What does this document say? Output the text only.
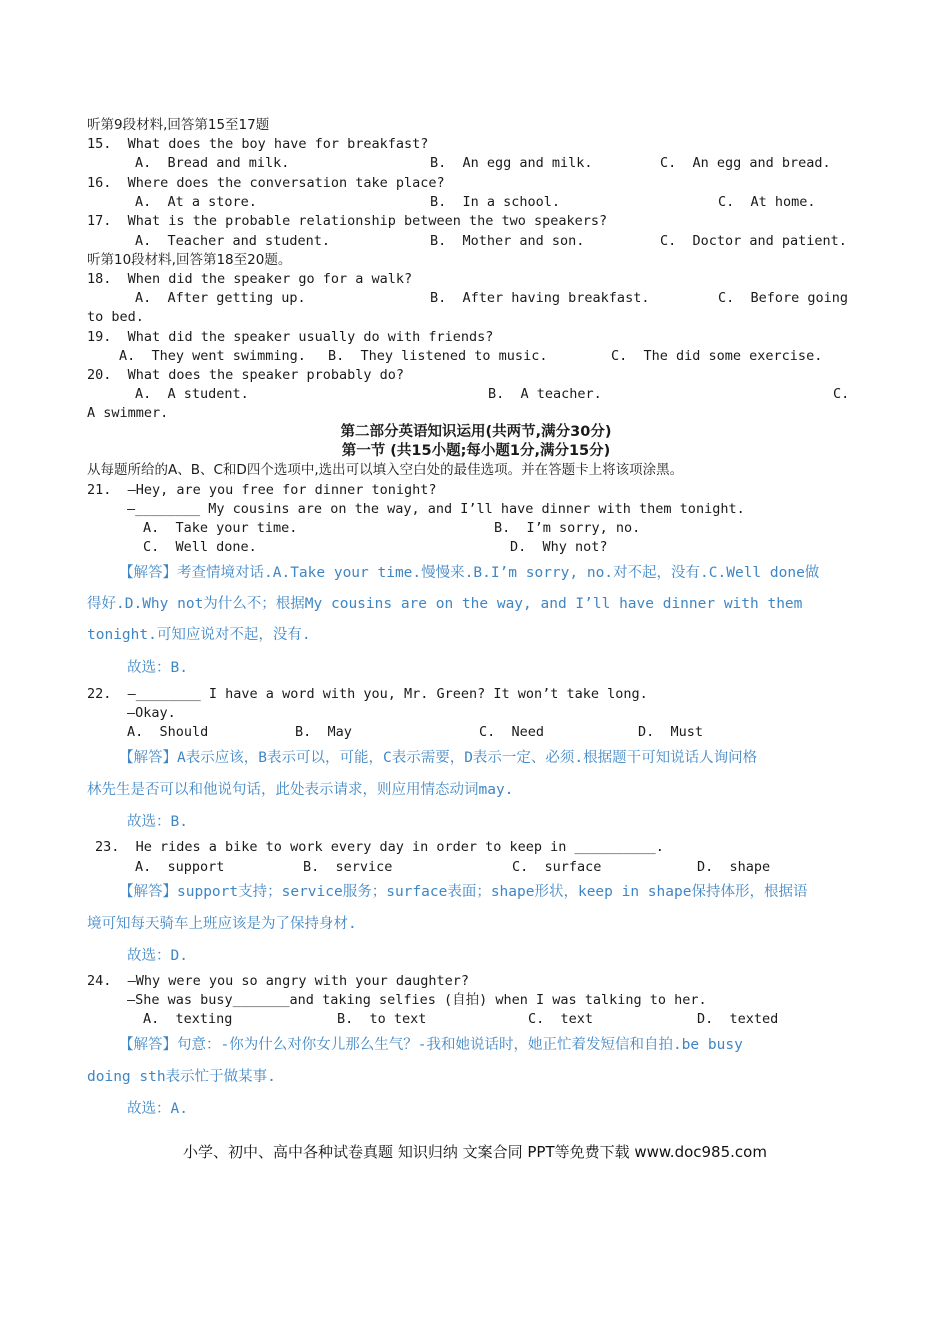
听第9段材料,回答第15至17题
15.  What does the boy have for breakfast?
A.  Bread and milk.	B.  An egg and milk.	C.  An egg and bread.
16.  Where does the conversation take place?
A.  At a store.	B.  In a school.	C.  At home.
17.  What is the probable relationship between the two speakers?
A.  Teacher and student.	B.  Mother and son.	C.  Doctor and patient.
听第10段材料,回答第18至20题。
18.  When did the speaker go for a walk?
A.  After getting up.	B.  After having breakfast.	C.  Before going
to bed.
19.  What did the speaker usually do with friends?
A.  They went swimming. B.  They listened to music.	C.  The did some exercise.
20.  What does the speaker probably do?
A.  A student.	B.  A teacher.	C.
A swimmer.
第二部分英语知识运用(共两节,满分30分)
第一节 (共15小题;每小题1分,满分15分)
从每题所给的A、B、C和D四个选项中,选出可以填入空白处的最佳选项。并在答题卡上将该项涂黑。
21.  —Hey, are you free for dinner tonight?
—________ My cousins are on the way, and I’ll have dinner with them tonight.
A.  Take your time.	B.  I’m sorry, no.
C.  Well done.	D.  Why not?
【解答】考查情境对话.A.Take your time.慢慢来.B.I’m sorry, no.对不起，没有.C.Well done做
得好.D.Why not为什么不；根据My cousins are on the way, and I’ll have dinner with them
tonight.可知应说对不起，没有.
故选：B.
22.  —________ I have a word with you, Mr. Green? It won’t take long.
—Okay.
A.  Should	B.  May	C.  Need	D.  Must
【解答】A表示应该，B表示可以，可能，C表示需要，D表示一定、必须.根据题干可知说话人询问格
林先生是否可以和他说句话，此处表示请求，则应用情态动词may.
故选：B.
23.  He rides a bike to work every day in order to keep in __________.
A.  support	B.  service	C.  surface	D.  shape
【解答】support支持；service服务；surface表面；shape形状，keep in shape保持体形，根据语
境可知每天骑车上班应该是为了保持身材.
故选：D.
24.  —Why were you so angry with your daughter?
—She was busy_______and taking selfies (自拍) when I was talking to her.
A.  texting	B.  to text	C.  text	D.  texted
【解答】句意：-你为什么对你女儿那么生气？-我和她说话时，她正忙着发短信和自拍.be busy
doing sth表示忙于做某事.
故选：A.
小学、初中、高中各种试卷真题 知识归纳 文案合同 PPT等免费下载 www.doc985.com
